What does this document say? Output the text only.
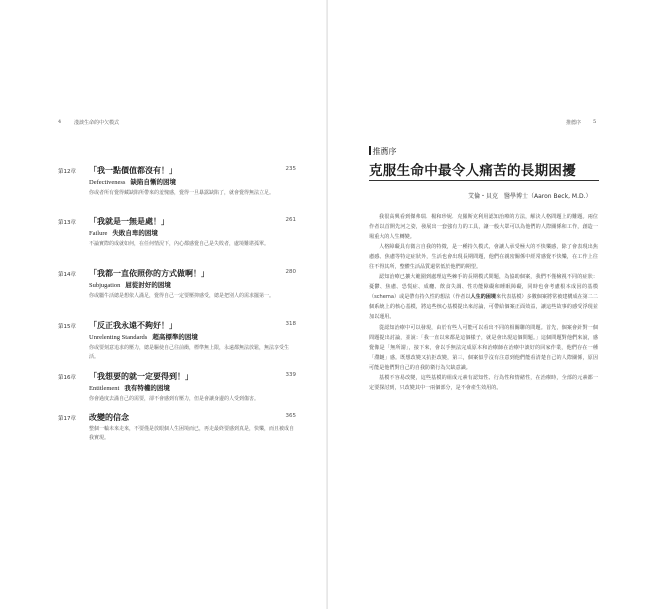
4	淺談生命的中欠模式
第12章 「我一點價值都沒有！」	235
Defectiveness 缺陷自慚的困境
你或者所有覺得藏缺陷所帶來的羞愧感，覺得一旦暴露缺陷了，就會覺得無法立足。
第13章 「我就是一無是處！」	261
Failure 失敗自卑的困境
不論實際的成就如何，在任何情況下，內心都感覺自己是失敗者，處境難堪孤單。
第14章 「我都一直依照你的方式做啊！」	280
Subjugation 屈從討好的困境
你或屬牛活總是想依人滿足，覺得自己一定要壓抑感受，總是把別人的需求擺第一。
第15章 「反正我永遠不夠好！」	318
Unrelenting Standards 超高標準的困境
你或要刻意追求的壓力，總是驅使自己往前衝，標準無上限，永遠都無法放鬆，無法享受生活。
第16章 「我想要的就一定要得到！」	339
Entitlement 我有特權的困境
你會過度去滿自己的需要，卻不會感到有壓力，但是會讓身邊的人受到傷害。
第17章 改變的信念	365
整個一輪未來走來，不要僅是放眼個人生困境而已，再走最終要感到真是，快樂，而且被成自我實現。
推薦序 5
推薦序
克服生命中最令人痛苦的長期困擾
艾倫・貝克　醫學博士（Aaron Beck, M.D.）

我很高興看到傑弗瑞．楊和珍妮．克羅斯克利用認知治療的方法，解決人格問題上的難題。兩位作者以首開先河之姿，發展出一套強有力的工具，讓一般大眾可以為他們的人際關係和工作，創造一場重大的人生轉變。

人格障礙具有微言自我的特徵，是一種持久模式，會讓人承受極大的不快樂感，除了會表現出焦慮感、焦慮等特定症狀外，生活也會出現長期問題，他們在親密關係中經常感覺不快樂，在工作上往往不得其所，整體生活品質還常低於他們的期望。

認知治療已擴大範圍到處理這些棘手的長期模式問題，為協助個案，我們不僅檢視不同的症狀：憂鬱、焦慮、恐慌症、成癮、飲食失調、性功能障礙和睡眠障礙，同時也會考慮根本成因的基模（schema）或是帶有持久性的想法（作者以人生的困境來代表基模）多數個案將常被建構成在第二二個系統上的核心基模，將這些核心基模提出來討論，可帶給個案正面效益，讓這些故事的感受浮現並加以運用。

從認知治療中可以發現，由於有些人可能可以看出不同的相關聯的問題。首先，個案會針對一個問題提出討論，並說：「我一直以來都是這個樣子，就是會出現這個問題。」這個問題對他們來說，感覺像是「無所謂」，接下來，會以手無法完成原本和治療師在治療中談好的回家作業，他們存在一種「滯鏈」感。既想改變又抗拒改變，第三，個案似乎沒有注意到他們能看清楚自己的人際關係，原因可能是他們對自己的自我防衛行為欠缺意識。

基模不容易改變，這些基模的組成元素有認知性、行為性和情緒性，在治療時，全部的元素都一定要探討到，只改變其中一兩個部分，是不會產生效用的。
